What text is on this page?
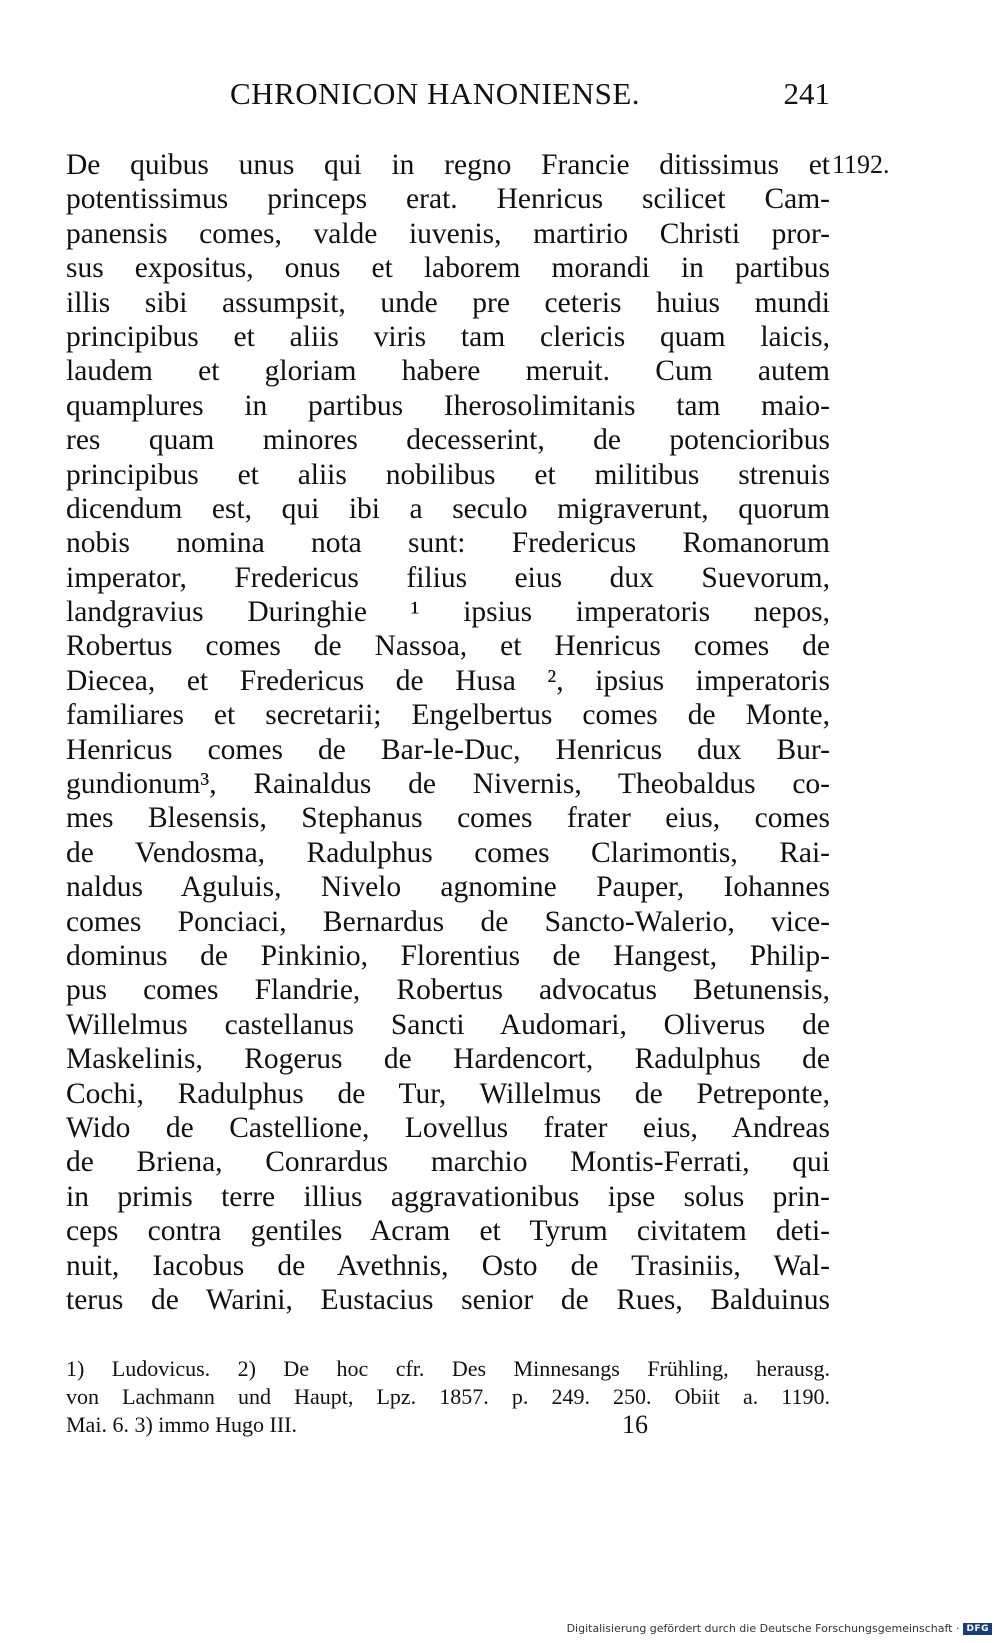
CHRONICON HANONIENSE.	241
1192.
De quibus unus qui in regno Francie ditissimus et
potentissimus princeps erat. Henricus scilicet Cam-
panensis comes, valde iuvenis, martirio Christi pror-
sus expositus, onus et laborem morandi in partibus
illis sibi assumpsit, unde pre ceteris huius mundi
principibus et aliis viris tam clericis quam laicis,
laudem et gloriam habere meruit. Cum autem
quamplures in partibus Iherosolimitanis tam maio-
res quam minores decesserint, de potencioribus
principibus et aliis nobilibus et militibus strenuis
dicendum est, qui ibi a seculo migraverunt, quorum
nobis nomina nota sunt: Fredericus Romanorum
imperator, Fredericus filius eius dux Suevorum,
landgravius Duringhie ¹ ipsius imperatoris nepos,
Robertus comes de Nassoa, et Henricus comes de
Diecea, et Fredericus de Husa ², ipsius imperatoris
familiares et secretarii; Engelbertus comes de Monte,
Henricus comes de Bar-le-Duc, Henricus dux Bur-
gundionum³, Rainaldus de Nivernis, Theobaldus co-
mes Blesensis, Stephanus comes frater eius, comes
de Vendosma, Radulphus comes Clarimontis, Rai-
naldus Aguluis, Nivelo agnomine Pauper, Iohannes
comes Ponciaci, Bernardus de Sancto-Walerio, vice-
dominus de Pinkinio, Florentius de Hangest, Philip-
pus comes Flandrie, Robertus advocatus Betunensis,
Willelmus castellanus Sancti Audomari, Oliverus de
Maskelinis, Rogerus de Hardencort, Radulphus de
Cochi, Radulphus de Tur, Willelmus de Petreponte,
Wido de Castellione, Lovellus frater eius, Andreas
de Briena, Conrardus marchio Montis-Ferrati, qui
in primis terre illius aggravationibus ipse solus prin-
ceps contra gentiles Acram et Tyrum civitatem deti-
nuit, Iacobus de Avethnis, Osto de Trasiniis, Wal-
terus de Warini, Eustacius senior de Rues, Balduinus
1) Ludovicus. 2) De hoc cfr. Des Minnesangs Frühling, herausg.
von Lachmann und Haupt, Lpz. 1857. p. 249. 250. Obiit a. 1190.
Mai. 6. 3) immo Hugo III.	16
Digitalisierung gefördert durch die Deutsche Forschungsgemeinschaft · DFG
